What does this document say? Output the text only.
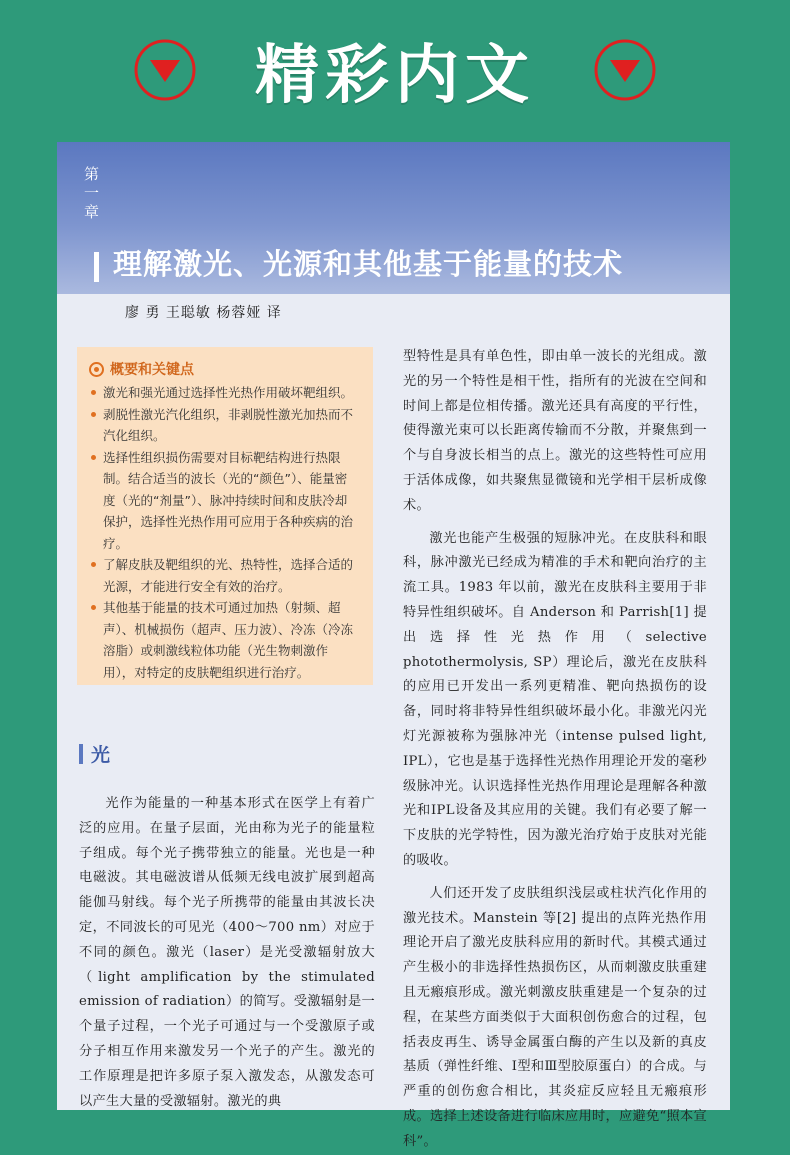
精彩内文
第一章
理解激光、光源和其他基于能量的技术
廖 勇 王聪敏 杨蓉娅 译
概要和关键点
激光和强光通过选择性光热作用破坏靶组织。
剥脱性激光汽化组织，非剥脱性激光加热而不汽化组织。
选择性组织损伤需要对目标靶结构进行热限制。结合适当的波长（光的“颜色”）、能量密度（光的“剂量”）、脉冲持续时间和皮肤冷却保护，选择性光热作用可应用于各种疾病的治疗。
了解皮肤及靶组织的光、热特性，选择合适的光源，才能进行安全有效的治疗。
其他基于能量的技术可通过加热（射频、超声）、机械损伤（超声、压力波）、冷冻（冷冻溶脂）或刺激线粒体功能（光生物刺激作用），对特定的皮肤靶组织进行治疗。
光

光作为能量的一种基本形式在医学上有着广泛的应用。在量子层面，光由称为光子的能量粒子组成。每个光子携带独立的能量。光也是一种电磁波。其电磁波谱从低频无线电波扩展到超高能伽马射线。每个光子所携带的能量由其波长决定，不同波长的可见光（400～700 nm）对应于不同的颜色。激光（laser）是光受激辐射放大（light amplification by the stimulated emission of radiation）的简写。受激辐射是一个量子过程，一个光子可通过与一个受激原子或分子相互作用来激发另一个光子的产生。激光的工作原理是把许多原子泵入激发态，从激发态可以产生大量的受激辐射。激光的典

型特性是具有单色性，即由单一波长的光组成。激光的另一个特性是相干性，指所有的光波在空间和时间上都是位相传播。激光还具有高度的平行性，使得激光束可以长距离传输而不分散，并聚焦到一个与自身波长相当的点上。激光的这些特性可应用于活体成像，如共聚焦显微镜和光学相干层析成像术。

激光也能产生极强的短脉冲光。在皮肤科和眼科，脉冲激光已经成为精准的手术和靶向治疗的主流工具。1983 年以前，激光在皮肤科主要用于非特异性组织破坏。自 Anderson 和 Parrish[1] 提出选择性光热作用（selective photothermolysis, SP）理论后，激光在皮肤科的应用已开发出一系列更精准、靶向热损伤的设备，同时将非特异性组织破坏最小化。非激光闪光灯光源被称为强脉冲光（intense pulsed light, IPL），它也是基于选择性光热作用理论开发的毫秒级脉冲光。认识选择性光热作用理论是理解各种激光和IPL设备及其应用的关键。我们有必要了解一下皮肤的光学特性，因为激光治疗始于皮肤对光能的吸收。

人们还开发了皮肤组织浅层或柱状汽化作用的激光技术。Manstein 等[2] 提出的点阵光热作用理论开启了激光皮肤科应用的新时代。其模式通过产生极小的非选择性热损伤区，从而刺激皮肤重建且无瘢痕形成。激光刺激皮肤重建是一个复杂的过程，在某些方面类似于大面积创伤愈合的过程，包括表皮再生、诱导金属蛋白酶的产生以及新的真皮基质（弹性纤维、Ⅰ型和Ⅲ型胶原蛋白）的合成。与严重的创伤愈合相比，其炎症反应轻且无瘢痕形成。选择上述设备进行临床应用时，应避免“照本宣科”。
